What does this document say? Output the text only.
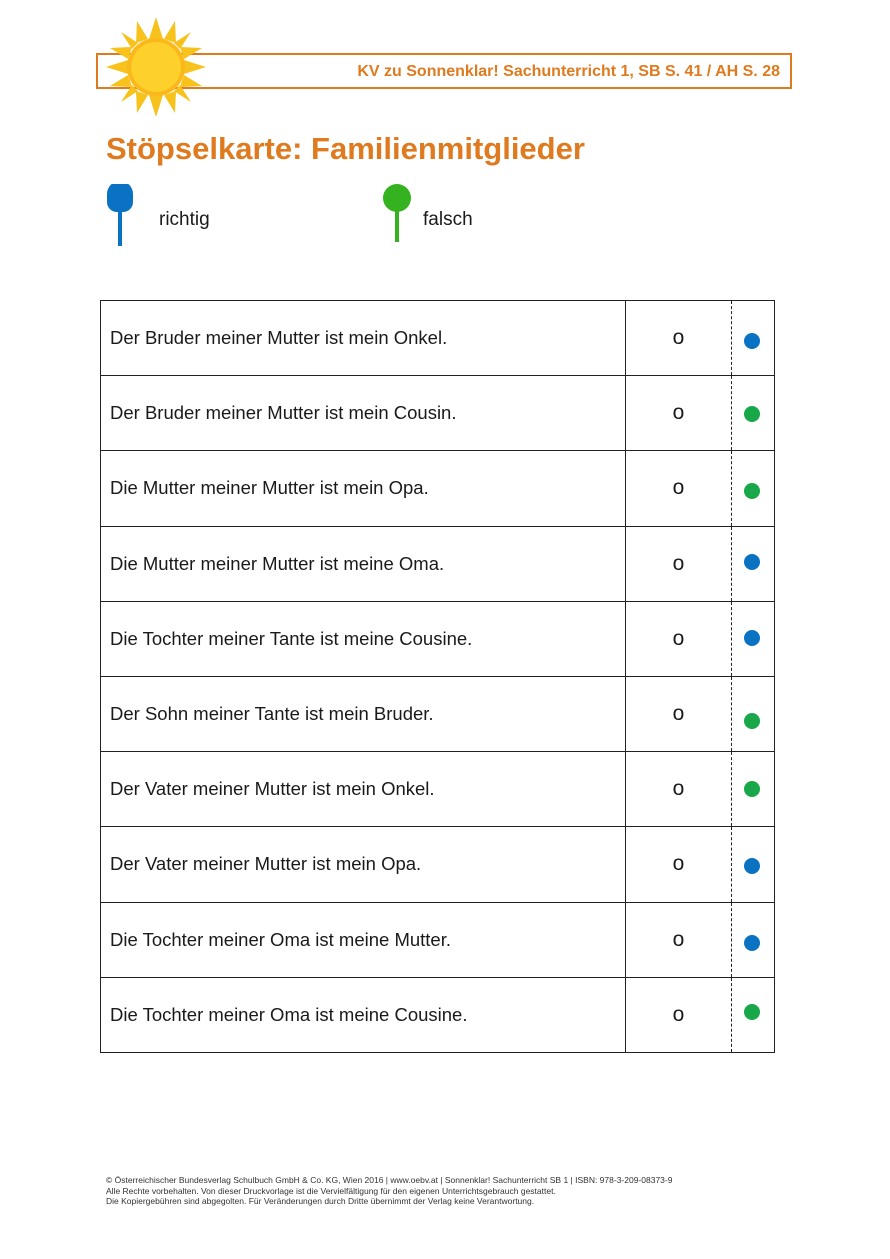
KV zu Sonnenklar! Sachunterricht 1, SB S. 41 / AH S. 28
Stöpselkarte: Familienmitglieder
richtig	falsch
Der Bruder meiner Mutter ist mein Onkel.	o	

Der Bruder meiner Mutter ist mein Cousin.	o	

Die Mutter meiner Mutter ist mein Opa.	o	

Die Mutter meiner Mutter ist meine Oma.	o	

Die Tochter meiner Tante ist meine Cousine.	o	

Der Sohn meiner Tante ist mein Bruder.	o	

Der Vater meiner Mutter ist mein Onkel.	o	

Der Vater meiner Mutter ist mein Opa.	o	

Die Tochter meiner Oma ist meine Mutter.	o	

Die Tochter meiner Oma ist meine Cousine.	o	
© Österreichischer Bundesverlag Schulbuch GmbH & Co. KG, Wien 2016 | www.oebv.at | Sonnenklar! Sachunterricht SB 1 | ISBN: 978-3-209-08373-9
Alle Rechte vorbehalten. Von dieser Druckvorlage ist die Vervielfältigung für den eigenen Unterrichtsgebrauch gestattet.
Die Kopiergebühren sind abgegolten. Für Veränderungen durch Dritte übernimmt der Verlag keine Verantwortung.
